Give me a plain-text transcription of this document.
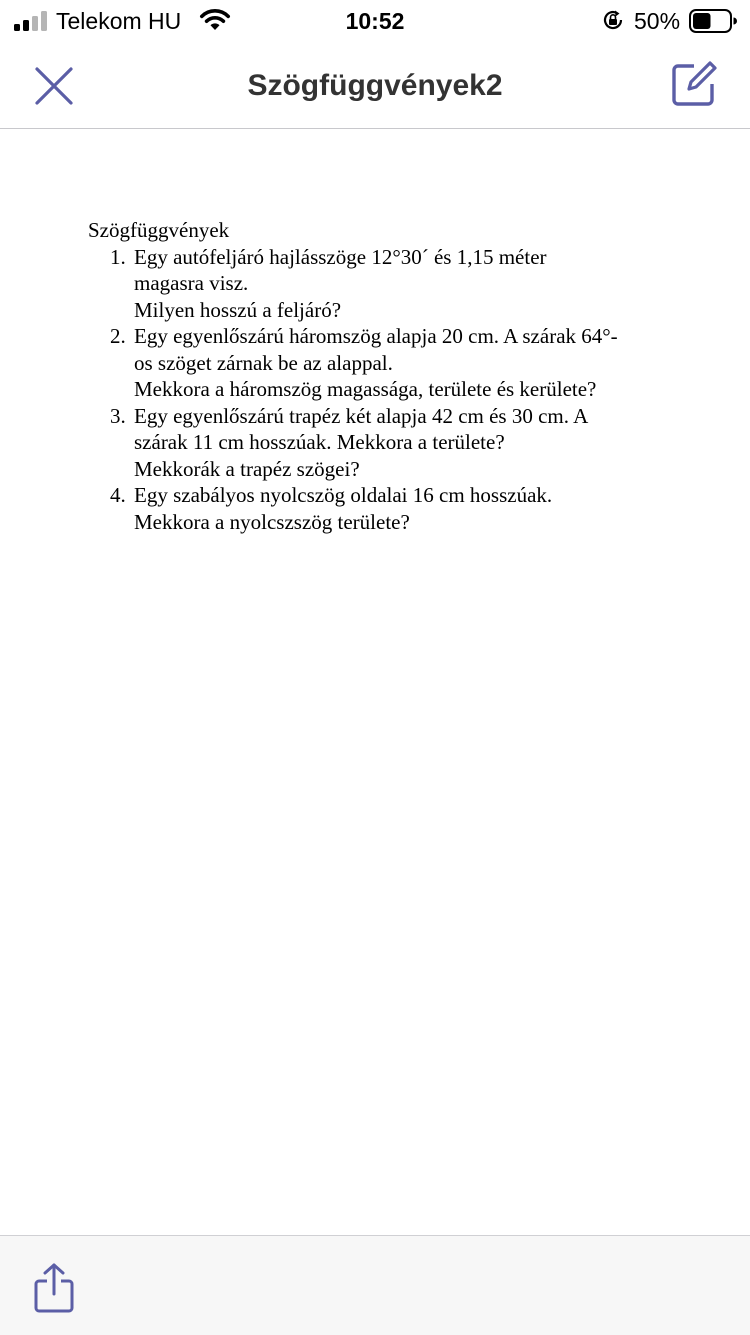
Telekom HU	10:52	50%
Szögfüggvények2
Szögfüggvények
1. Egy autófeljáró hajlásszöge 12°30´ és 1,15 méter
magasra visz.
Milyen hosszú a feljáró?
2. Egy egyenlőszárú háromszög alapja 20 cm. A szárak 64°-
os szöget zárnak be az alappal.
Mekkora a háromszög magassága, területe és kerülete?
3. Egy egyenlőszárú trapéz két alapja 42 cm és 30 cm. A
szárak 11 cm hosszúak. Mekkora a területe?
Mekkorák a trapéz szögei?
4. Egy szabályos nyolcszög oldalai 16 cm hosszúak.
Mekkora a nyolcszszög területe?
